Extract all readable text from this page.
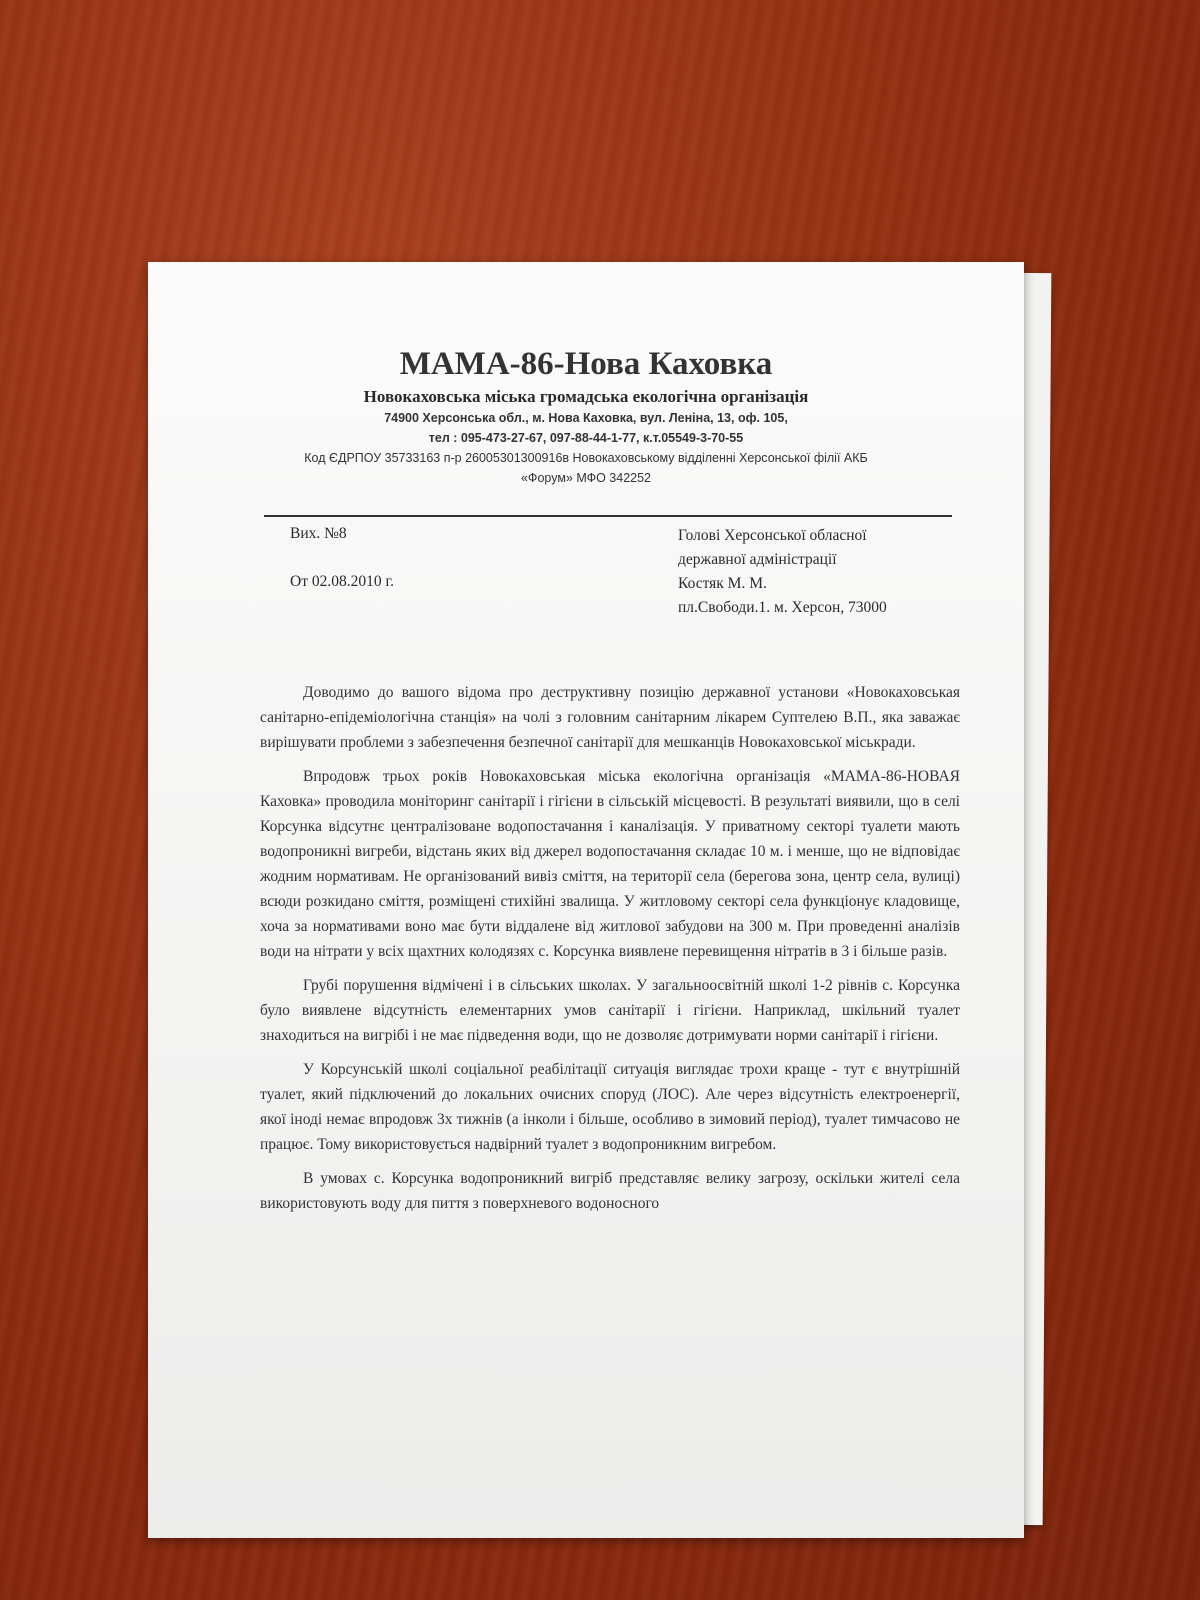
МАМА-86-Нова Каховка

Новокаховська міська громадська екологічна організація

74900 Херсонська обл., м. Нова Каховка, вул. Леніна, 13, оф. 105,

тел : 095-473-27-67, 097-88-44-1-77, к.т.05549-3-70-55

Код ЄДРПОУ 35733163 п-р 26005301300916в Новокаховському відділенні Херсонської філії АКБ

«Форум» МФО 342252

Вих. №8

От 02.08.2010 г.

Голові Херсонської обласної

державної адміністрації

Костяк М. М.

пл.Свободи.1. м. Херсон, 73000

Доводимо до вашого відома про деструктивну позицію державної установи «Новокаховськая санітарно-епідеміологічна станція» на чолі з головним санітарним лікарем Суптелею В.П., яка заважає вирішувати проблеми з забезпечення безпечної санітарії для мешканців Новокаховської міськради.

Впродовж трьох років Новокаховськая міська екологічна організація «МАМА-86-НОВАЯ Каховка» проводила моніторинг санітарії і гігієни в сільській місцевості. В результаті виявили, що в селі Корсунка відсутнє централізоване водопостачання і каналізація. У приватному секторі туалети мають водопроникні вигреби, відстань яких від джерел водопостачання складає 10 м. і менше, що не відповідає жодним нормативам. Не організований вивіз сміття, на території села (берегова зона, центр села, вулиці) всюди розкидано сміття, розміщені стихійні звалища. У житловому секторі села функціонує кладовище, хоча за нормативами воно має бути віддалене від житлової забудови на 300 м. При проведенні аналізів води на нітрати у всіх щахтних колодязях с. Корсунка виявлене перевищення нітратів в 3 і більше разів.

Грубі порушення відмічені і в сільських школах. У загальноосвітній школі 1-2 рівнів с. Корсунка було виявлене відсутність елементарних умов санітарії і гігієни. Наприклад, шкільний туалет знаходиться на вигрібі і не має підведення води, що не дозволяє дотримувати норми санітарії і гігієни.

У Корсунській школі соціальної реабілітації ситуація виглядає трохи краще - тут є внутрішній туалет, який підключений до локальних очисних споруд (ЛОС). Але через відсутність електроенергії, якої іноді немає впродовж 3х тижнів (а інколи і більше, особливо в зимовий період), туалет тимчасово не працює. Тому використовується надвірний туалет з водопроникним вигребом.

В умовах с. Корсунка водопроникний вигріб представляє велику загрозу, оскільки жителі села використовують воду для пиття з поверхневого водоносного
